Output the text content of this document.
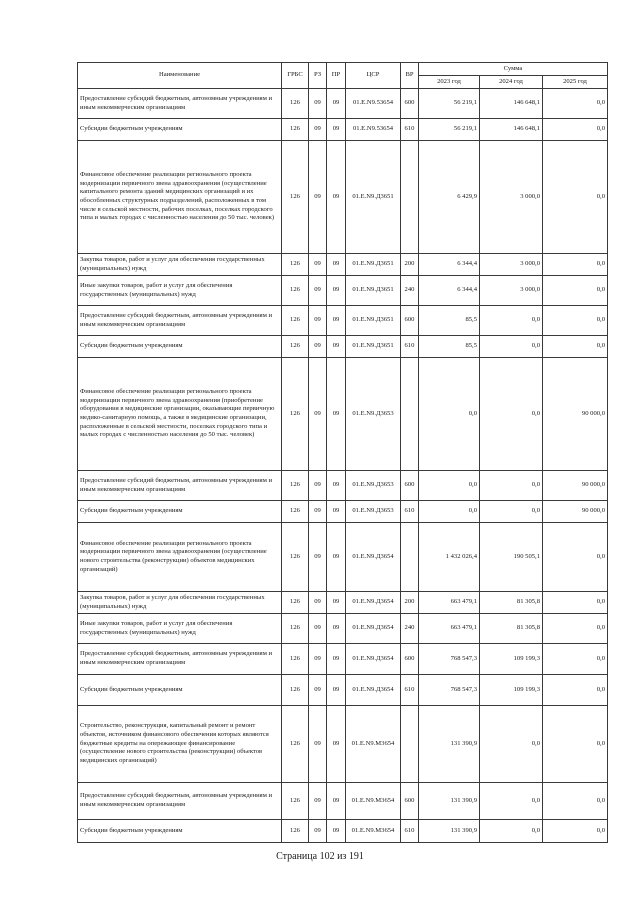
Наименование	ГРБС	РЗ	ПР	ЦСР	ВР	Сумма		
						2023 год	2024 год	2025 год
Предоставление субсидий бюджетным, автономным учреждениям и иным некоммерческим организациям	126	09	09	01.Е.N9.53654	600	56 219,1	146 648,1	0,0
Субсидии бюджетным учреждениям	126	09	09	01.Е.N9.53654	610	56 219,1	146 648,1	0,0
Финансовое обеспечение реализации регионального проекта модернизации первичного звена здравоохранения (осуществление капитального ремонта зданий медицинских организаций и их обособленных структурных подразделений, расположенных в том числе в сельской местности, рабочих поселках, поселках городского типа и малых городах с численностью населения до 50 тыс. человек)	126	09	09	01.Е.N9.Д3651		6 429,9	3 000,0	0,0
Закупка товаров, работ и услуг для обеспечения государственных (муниципальных) нужд	126	09	09	01.Е.N9.Д3651	200	6 344,4	3 000,0	0,0
Иные закупки товаров, работ и услуг для обеспечения государственных (муниципальных) нужд	126	09	09	01.Е.N9.Д3651	240	6 344,4	3 000,0	0,0
Предоставление субсидий бюджетным, автономным учреждениям и иным некоммерческим организациям	126	09	09	01.Е.N9.Д3651	600	85,5	0,0	0,0
Субсидии бюджетным учреждениям	126	09	09	01.Е.N9.Д3651	610	85,5	0,0	0,0
Финансовое обеспечение реализации регионального проекта модернизации первичного звена здравоохранения (приобретение оборудования в медицинские организации, оказывающие первичную медико-санитарную помощь, а также в медицинские организации, расположенные в сельской местности, поселках городского типа и малых городах с численностью населения до 50 тыс. человек)	126	09	09	01.Е.N9.Д3653		0,0	0,0	90 000,0
Предоставление субсидий бюджетным, автономным учреждениям и иным некоммерческим организациям	126	09	09	01.Е.N9.Д3653	600	0,0	0,0	90 000,0
Субсидии бюджетным учреждениям	126	09	09	01.Е.N9.Д3653	610	0,0	0,0	90 000,0
Финансовое обеспечение реализации регионального проекта модернизации первичного звена здравоохранения (осуществление нового строительства (реконструкции) объектов медицинских организаций)	126	09	09	01.Е.N9.Д3654		1 432 026,4	190 505,1	0,0
Закупка товаров, работ и услуг для обеспечения государственных (муниципальных) нужд	126	09	09	01.Е.N9.Д3654	200	663 479,1	81 305,8	0,0
Иные закупки товаров, работ и услуг для обеспечения государственных (муниципальных) нужд	126	09	09	01.Е.N9.Д3654	240	663 479,1	81 305,8	0,0
Предоставление субсидий бюджетным, автономным учреждениям и иным некоммерческим организациям	126	09	09	01.Е.N9.Д3654	600	768 547,3	109 199,3	0,0
Субсидии бюджетным учреждениям	126	09	09	01.Е.N9.Д3654	610	768 547,3	109 199,3	0,0
Строительство, реконструкция, капитальный ремонт и ремонт объектов, источником финансового обеспечения которых являются бюджетные кредиты на опережающее финансирование (осуществление нового строительства (реконструкции) объектов медицинских организаций)	126	09	09	01.Е.N9.М3654		131 390,9	0,0	0,0
Предоставление субсидий бюджетным, автономным учреждениям и иным некоммерческим организациям	126	09	09	01.Е.N9.М3654	600	131 390,9	0,0	0,0
Субсидии бюджетным учреждениям	126	09	09	01.Е.N9.М3654	610	131 390,9	0,0	0,0
Страница 102 из 191
